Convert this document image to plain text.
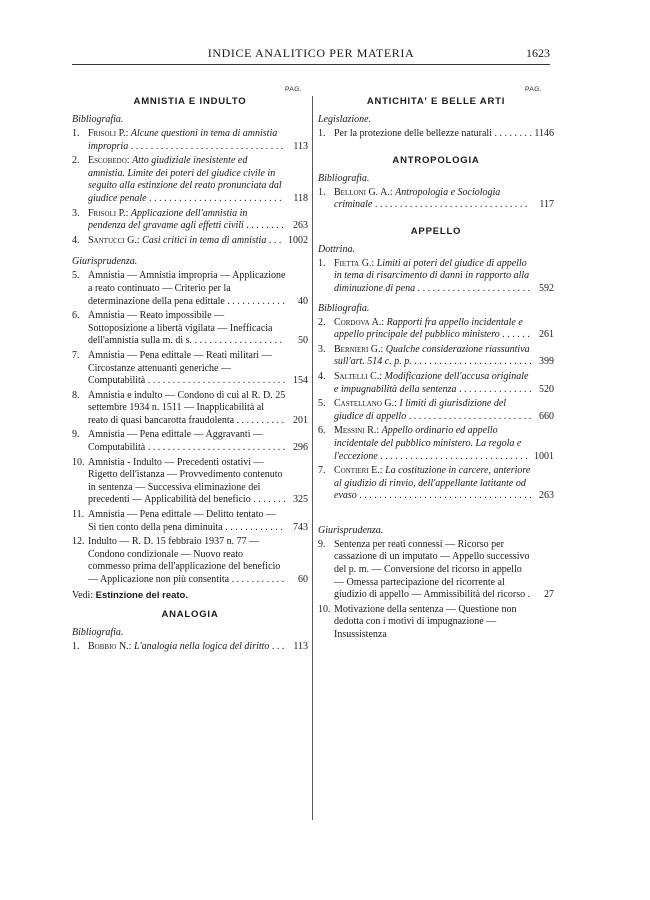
INDICE ANALITICO PER MATERIA	1623
PAG.
AMNISTIA E INDULTO
Bibliografia.
1. Frisoli P.: Alcune questioni in tema di amnistia impropria . . . . . . . . . . . . . . . . . . . . . . . . . . . . . . . 113
2. Escobedo: Atto giudiziale inesistente ed amnistia. Limite dei poteri del giudice civile in seguito alla estinzione del reato pronunciata dal giudice penale . . . . . . . . . . . . . . . . . . . . . . . . . . .	118
3. Frisoli P.: Applicazione dell'amnistia in pendenza del gravame agli effetti civili . . . . . . . . 263
4. Santucci G.: Casi critici in tema di amnistia . . . 1002
Giurisprudenza.
5. Amnistia — Amnistia impropria — Applicazione a reato continuato — Criterio per la determinazione della pena edittale . . . . . . . . . . . . 40
6. Amnistia — Reato impossibile — Sottoposizione a libertà vigilata — Inefficacia dell'amnistia sulla m. di s. . . . . . . . . . . . . . . . . . .	50
7. Amnistia — Pena edittale — Reati militari — Circostanze attenuanti generiche — Computabilità . . . . . . . . . . . . . . . . . . . . . . . . . . . . 154
8. Amnistia e indulto — Condono di cui al R. D. 25 settembre 1934 n. 1511 — Inapplicabilità al reato di quasi bancarotta fraudolenta . . . . . . . . . . 201
9. Amnistia — Pena edittale — Aggravanti — Computabilità . . . . . . . . . . . . . . . . . . . . . . . . . . . . 296
10. Amnistia - Indulto — Precedenti ostativi — Rigetto dell'istanza — Provvedimento contenuto in sentenza — Successiva eliminazione dei precedenti — Applicabilità del beneficio . . . . . . . 325
11. Amnistia — Pena edittale — Delitto tentato — Si tien conto della pena diminuita . . . . . . . . . . . .	743
12. Indulto — R. D. 15 febbraio 1937 n. 77 — Condono condizionale — Nuovo reato commesso prima dell'applicazione del beneficio — Applicazione non più consentita . . . . . . . . . . . 60
Vedi: Estinzione del reato.
ANALOGIA
Bibliografia.
1. Bobbio N.: L'analogia nella logica del diritto . . . 113
PAG.
ANTICHITA' E BELLE ARTI
Legislazione.
1. Per la protezione delle bellezze naturali . . . . . . . . 1146
ANTROPOLOGIA
Bibliografia.
1. Belloni G. A.: Antropologia e Sociologia criminale . . . . . . . . . . . . . . . . . . . . . . . . . . . . . . .	117
APPELLO
Dottrina.
1. Fietta G.: Limiti ai poteri del giudice di appello in tema di risarcimento di danni in rapporto alla diminuzione di pena . . . . . . . . . . . . . . . . . . . . . . . 592
Bibliografia.
2. Cordova A.: Rapporti fra appello incidentale e appello principale del pubblico ministero . . . . . . 261
3. Bernieri G.: Qualche considerazione riassuntiva sull'art. 514 c. p. p. . . . . . . . . . . . . . . . . . . . . . . . . 399
4. Saltelli C.: Modificazione dell'accusa originale e impugnabilità della sentenza . . . . . . . . . . . . . . . 520
5. Castellano G.: I limiti di giurisdizione del giudice di appello . . . . . . . . . . . . . . . . . . . . . . . . . 660
6. Messini R.: Appello ordinario ed appello incidentale del pubblico ministero. La regola e l'eccezione . . . . . . . . . . . . . . . . . . . . . . . . . . . . . . 1001
7. Contieri E.: La costituzione in carcere, anteriore al giudizio di rinvio, dell'appellante latitante od evaso . . . . . . . . . . . . . . . . . . . . . . . . . . . . . . . . . . . 263
Giurisprudenza.
9. Sentenza per reati connessi — Ricorso per cassazione di un imputato — Appello successivo del p. m. — Conversione del ricorso in appello — Omessa partecipazione del ricorrente al giudizio di appello — Ammissibilità del ricorso . 27
10. Motivazione della sentenza — Questione non dedotta con i motivi di impugnazione — Insussistenza
